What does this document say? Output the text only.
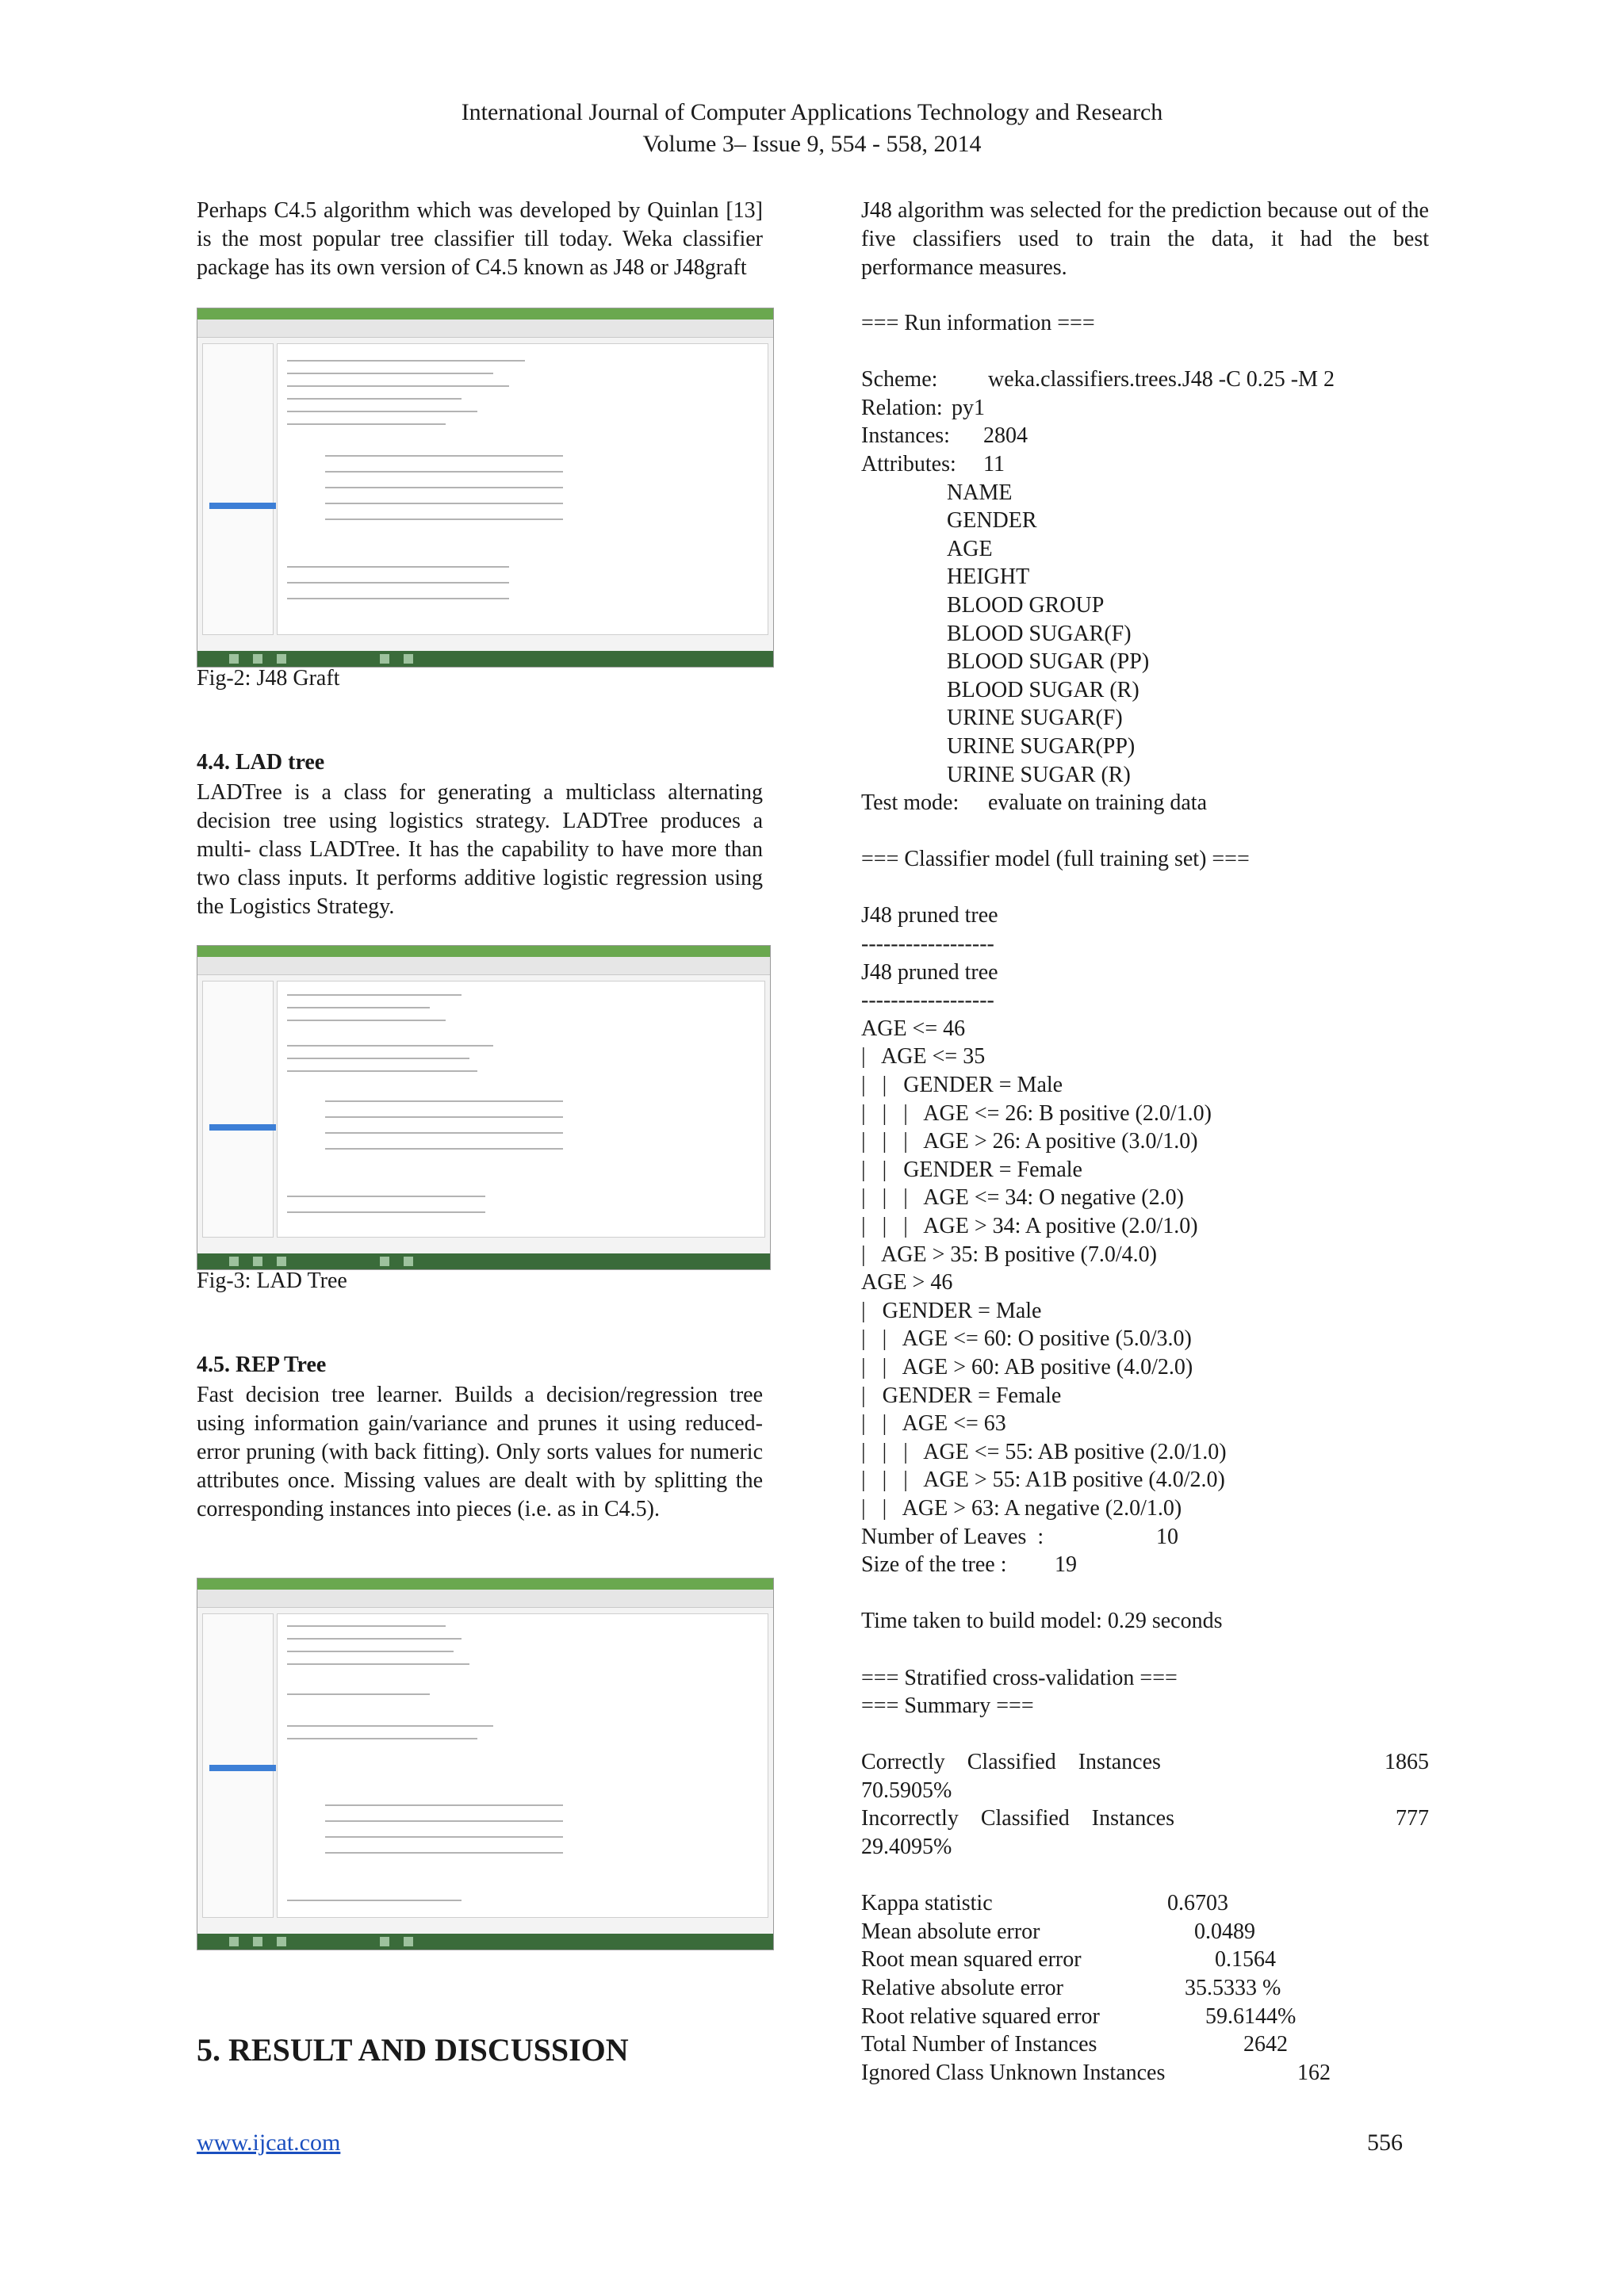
International Journal of Computer Applications Technology and Research
Volume 3– Issue 9, 554 - 558, 2014
Perhaps C4.5 algorithm which was developed by Quinlan [13] is the most popular tree classifier till today. Weka classifier package has its own version of C4.5 known as J48 or J48graft
Fig-2: J48 Graft
4.4. LAD tree
LADTree is a class for generating a multiclass alternating decision tree using logistics strategy. LADTree produces a multi- class LADTree. It has the capability to have more than two class inputs. It performs additive logistic regression using the Logistics Strategy.
Fig-3: LAD Tree
4.5. REP Tree
Fast decision tree learner. Builds a decision/regression tree using information gain/variance and prunes it using reduced-error pruning (with back fitting). Only sorts values for numeric attributes once. Missing values are dealt with by splitting the corresponding instances into pieces (i.e. as in C4.5).
5. RESULT AND DISCUSSION
J48 algorithm was selected for the prediction because out of the five classifiers used to train the data, it had the best performance measures.
=== Run information ===
Scheme:	weka.classifiers.trees.J48 -C 0.25 -M 2
Relation: py1
Instances:	2804
Attributes:	11
NAME
GENDER
AGE
HEIGHT
BLOOD GROUP
BLOOD SUGAR(F)
BLOOD SUGAR (PP)
BLOOD SUGAR (R)
URINE SUGAR(F)
URINE SUGAR(PP)
URINE SUGAR (R)
Test mode:	evaluate on training data
=== Classifier model (full training set) ===
J48 pruned tree
------------------
J48 pruned tree
------------------
AGE <= 46
|   AGE <= 35
|   |   GENDER = Male
|   |   |   AGE <= 26: B positive (2.0/1.0)
|   |   |   AGE > 26: A positive (3.0/1.0)
|   |   GENDER = Female
|   |   |   AGE <= 34: O negative (2.0)
|   |   |   AGE > 34: A positive (2.0/1.0)
|   AGE > 35: B positive (7.0/4.0)
AGE > 46
|   GENDER = Male
|   |   AGE <= 60: O positive (5.0/3.0)
|   |   AGE > 60: AB positive (4.0/2.0)
|   GENDER = Female
|   |   AGE <= 63
|   |   |   AGE <= 55: AB positive (2.0/1.0)
|   |   |   AGE > 55: A1B positive (4.0/2.0)
|   |   AGE > 63: A negative (2.0/1.0)
Number of Leaves  :	10
Size of the tree :	19
Time taken to build model: 0.29 seconds
=== Stratified cross-validation ===
=== Summary ===
Correctly    Classified    Instances	1865
70.5905%
Incorrectly    Classified    Instances	777
29.4095%
Kappa statistic	0.6703
Mean absolute error	0.0489
Root mean squared error	0.1564
Relative absolute error	35.5333 %
Root relative squared error	59.6144%
Total Number of Instances	2642
Ignored Class Unknown Instances	162
www.ijcat.com	556
